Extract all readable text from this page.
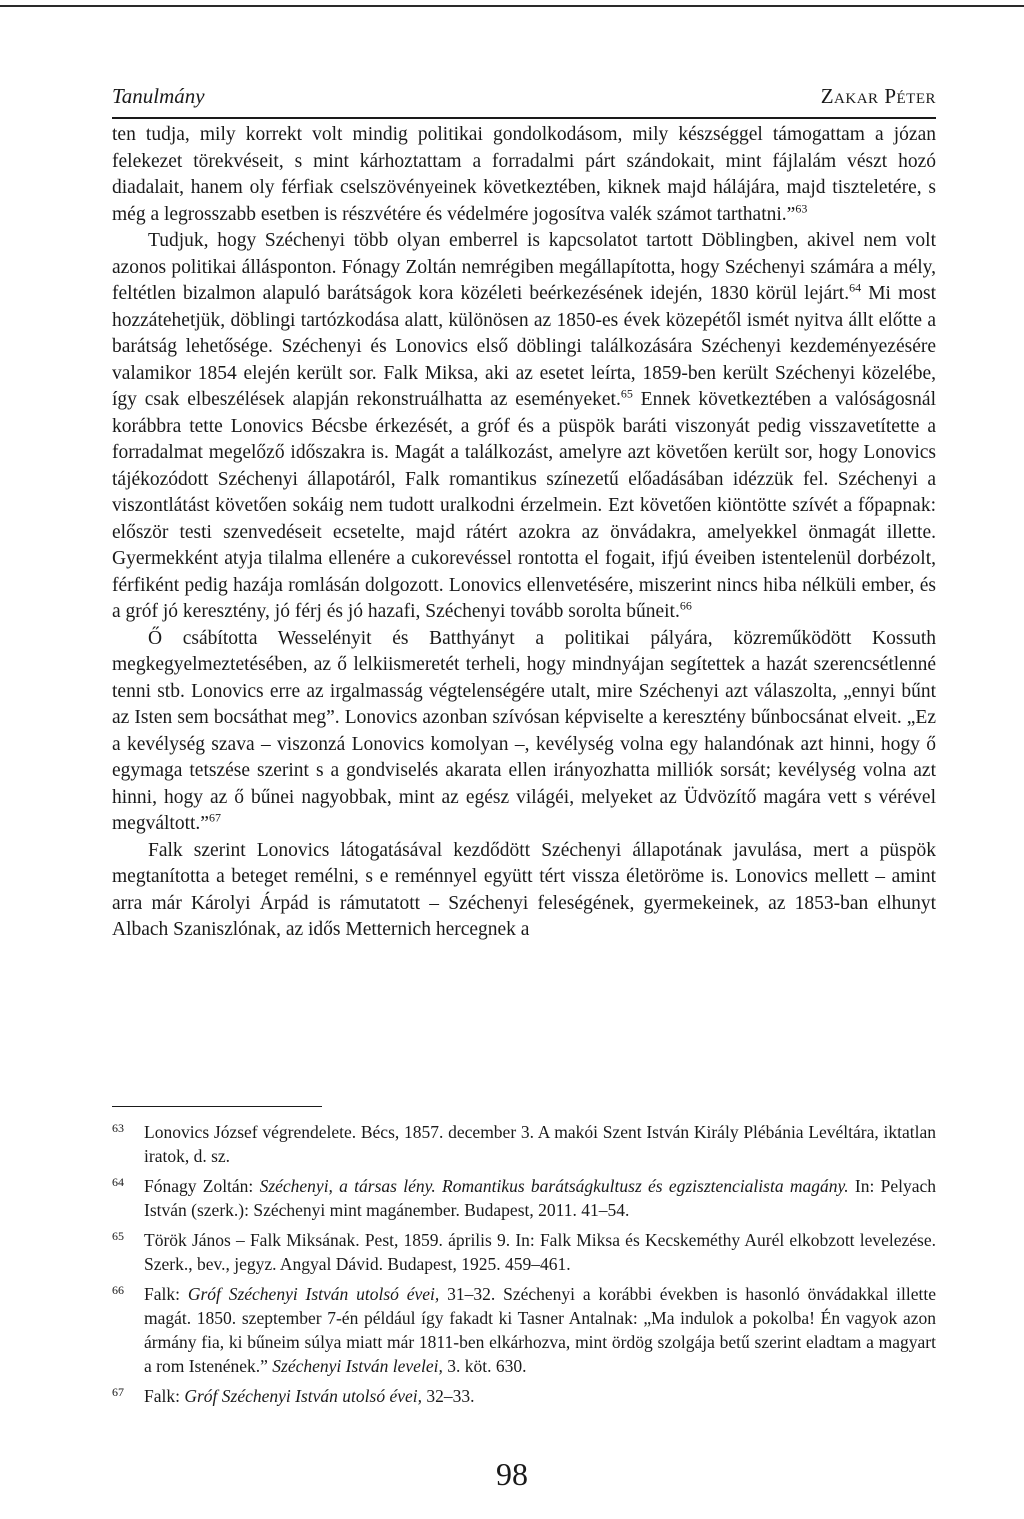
Tanulmány	Zakar Péter

ten tudja, mily korrekt volt mindig politikai gondolkodásom, mily készséggel támogattam a józan felekezet törekvéseit, s mint kárhoztattam a forradalmi párt szándokait, mint fájlalám vészt hozó diadalait, hanem oly férfiak cselszövényeinek következtében, kiknek majd hálájára, majd tiszteletére, s még a legrosszabb esetben is részvétére és védelmére jogosítva valék számot tarthatni.”$^{63}$

Tudjuk, hogy Széchenyi több olyan emberrel is kapcsolatot tartott Döblingben, akivel nem volt azonos politikai állásponton. Fónagy Zoltán nemrégiben megállapította, hogy Széchenyi számára a mély, feltétlen bizalmon alapuló barátságok kora közéleti beérkezésének idején, 1830 körül lejárt.$^{64}$ Mi most hozzátehetjük, döblingi tartózkodása alatt, különösen az 1850-es évek közepétől ismét nyitva állt előtte a barátság lehetősége. Széchenyi és Lonovics első döblingi találkozására Széchenyi kezdeményezésére valamikor 1854 elején került sor. Falk Miksa, aki az esetet leírta, 1859-ben került Széchenyi közelébe, így csak elbeszélések alapján rekonstruálhatta az eseményeket.$^{65}$ Ennek következtében a valóságosnál korábbra tette Lonovics Bécsbe érkezését, a gróf és a püspök baráti viszonyát pedig visszavetítette a forradalmat megelőző időszakra is. Magát a találkozást, amelyre azt követően került sor, hogy Lonovics tájékozódott Széchenyi állapotáról, Falk romantikus színezetű előadásában idézzük fel. Széchenyi a viszontlátást követően sokáig nem tudott uralkodni érzelmein. Ezt követően kiöntötte szívét a főpapnak: először testi szenvedéseit ecsetelte, majd rátért azokra az önvádakra, amelyekkel önmagát illette. Gyermekként atyja tilalma ellenére a cukorevéssel rontotta el fogait, ifjú éveiben istentelenül dorbézolt, férfiként pedig hazája romlásán dolgozott. Lonovics ellenvetésére, miszerint nincs hiba nélküli ember, és a gróf jó keresztény, jó férj és jó hazafi, Széchenyi tovább sorolta bűneit.$^{66}$

Ő csábította Wesselényit és Batthyányt a politikai pályára, közreműködött Kossuth megkegyelmeztetésében, az ő lelkiismeretét terheli, hogy mindnyájan segítettek a hazát szerencsétlenné tenni stb. Lonovics erre az irgalmasság végtelenségére utalt, mire Széchenyi azt válaszolta, „ennyi bűnt az Isten sem bocsáthat meg”. Lonovics azonban szívósan képviselte a keresztény bűnbocsánat elveit. „Ez a kevélység szava – viszonzá Lonovics komolyan –, kevélység volna egy halandónak azt hinni, hogy ő egymaga tetszése szerint s a gondviselés akarata ellen irányozhatta milliók sorsát; kevélység volna azt hinni, hogy az ő bűnei nagyobbak, mint az egész világéi, melyeket az Üdvözítő magára vett s vérével megváltott.”$^{67}$

Falk szerint Lonovics látogatásával kezdődött Széchenyi állapotának javulása, mert a püspök megtanította a beteget remélni, s e reménnyel együtt tért vissza életöröme is. Lonovics mellett – amint arra már Károlyi Árpád is rámutatott – Széchenyi feleségének, gyermekeinek, az 1853-ban elhunyt Albach Szaniszlónak, az idős Metternich hercegnek a

63	Lonovics József végrendelete. Bécs, 1857. december 3. A makói Szent István Király Plébánia Levéltára, iktatlan iratok, d. sz.
64	Fónagy Zoltán: Széchenyi, a társas lény. Romantikus barátságkultusz és egzisztencialista magány. In: Pelyach István (szerk.): Széchenyi mint magánember. Budapest, 2011. 41–54.
65	Török János – Falk Miksának. Pest, 1859. április 9. In: Falk Miksa és Kecskeméthy Aurél elkobzott levelezése. Szerk., bev., jegyz. Angyal Dávid. Budapest, 1925. 459–461.
66	Falk: Gróf Széchenyi István utolsó évei, 31–32. Széchenyi a korábbi években is hasonló önvádakkal illette magát. 1850. szeptember 7-én például így fakadt ki Tasner Antalnak: „Ma indulok a pokolba! Én vagyok azon ármány fia, ki bűneim súlya miatt már 1811-ben elkárhozva, mint ördög szolgája betű szerint eladtam a magyart a rom Istenének.” Széchenyi István levelei, 3. köt. 630.
67	Falk: Gróf Széchenyi István utolsó évei, 32–33.
98
